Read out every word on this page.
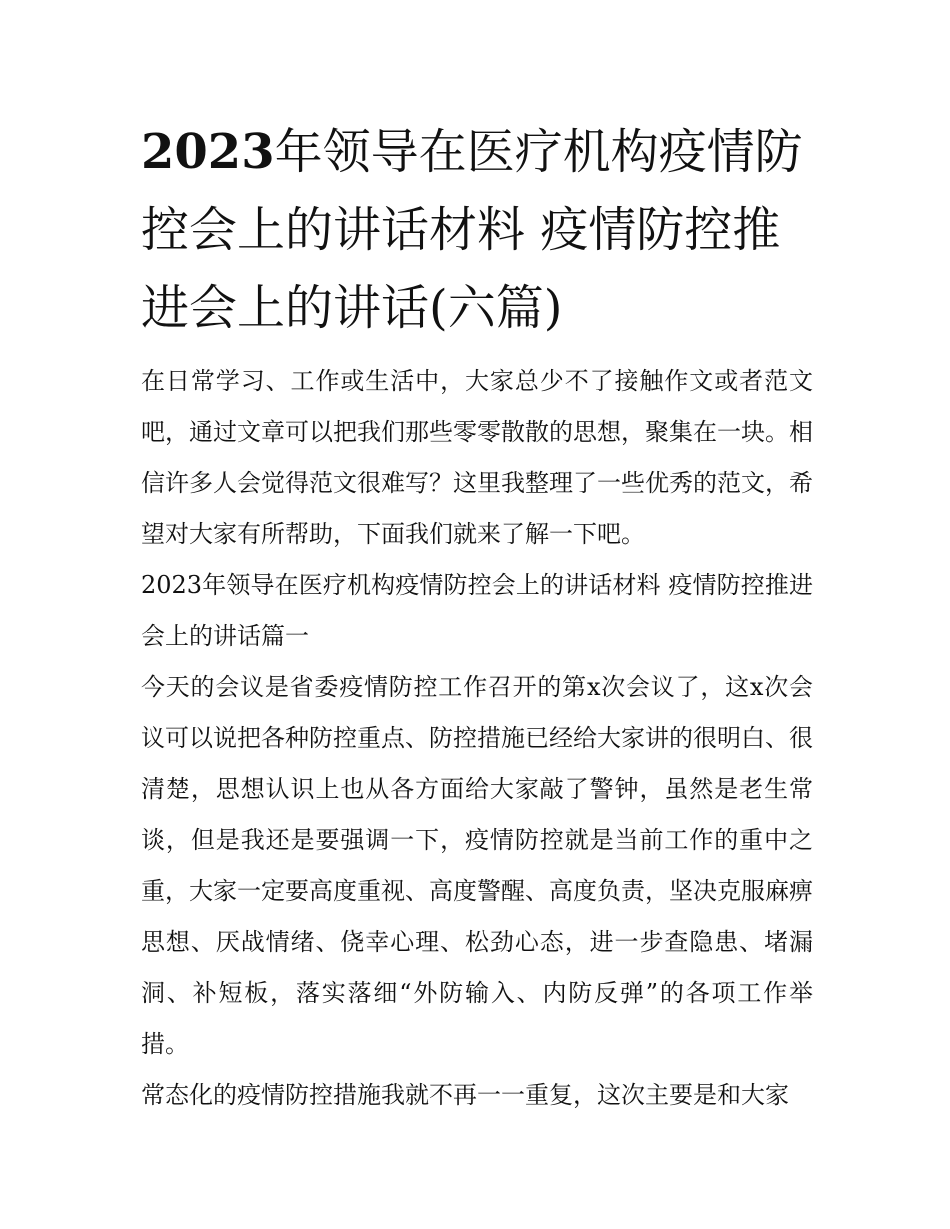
2023年领导在医疗机构疫情防控会上的讲话材料 疫情防控推进会上的讲话(六篇)

在日常学习、工作或生活中，大家总少不了接触作文或者范文吧，通过文章可以把我们那些零零散散的思想，聚集在一块。相信许多人会觉得范文很难写？这里我整理了一些优秀的范文，希望对大家有所帮助，下面我们就来了解一下吧。

2023年领导在医疗机构疫情防控会上的讲话材料 疫情防控推进会上的讲话篇一

今天的会议是省委疫情防控工作召开的第x次会议了，这x次会议可以说把各种防控重点、防控措施已经给大家讲的很明白、很清楚，思想认识上也从各方面给大家敲了警钟，虽然是老生常谈，但是我还是要强调一下，疫情防控就是当前工作的重中之重，大家一定要高度重视、高度警醒、高度负责，坚决克服麻痹思想、厌战情绪、侥幸心理、松劲心态，进一步查隐患、堵漏洞、补短板，落实落细“外防输入、内防反弹”的各项工作举措。

常态化的疫情防控措施我就不再一一重复，这次主要是和大家
